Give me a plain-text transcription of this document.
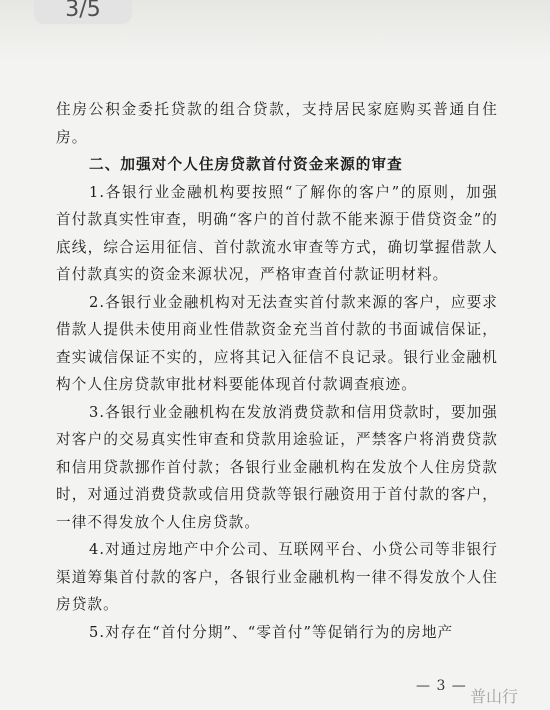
3/5

住房公积金委托贷款的组合贷款，支持居民家庭购买普通自住房。

二、加强对个人住房贷款首付资金来源的审查

1.各银行业金融机构要按照“了解你的客户”的原则，加强首付款真实性审查，明确“客户的首付款不能来源于借贷资金”的底线，综合运用征信、首付款流水审查等方式，确切掌握借款人首付款真实的资金来源状况，严格审查首付款证明材料。

2.各银行业金融机构对无法查实首付款来源的客户，应要求借款人提供未使用商业性借款资金充当首付款的书面诚信保证，查实诚信保证不实的，应将其记入征信不良记录。银行业金融机构个人住房贷款审批材料要能体现首付款调查痕迹。

3.各银行业金融机构在发放消费贷款和信用贷款时，要加强对客户的交易真实性审查和贷款用途验证，严禁客户将消费贷款和信用贷款挪作首付款；各银行业金融机构在发放个人住房贷款时，对通过消费贷款或信用贷款等银行融资用于首付款的客户，一律不得发放个人住房贷款。

4.对通过房地产中介公司、互联网平台、小贷公司等非银行渠道筹集首付款的客户，各银行业金融机构一律不得发放个人住房贷款。

5.对存在“首付分期”、“零首付”等促销行为的房地产

— 3 —
普山行
